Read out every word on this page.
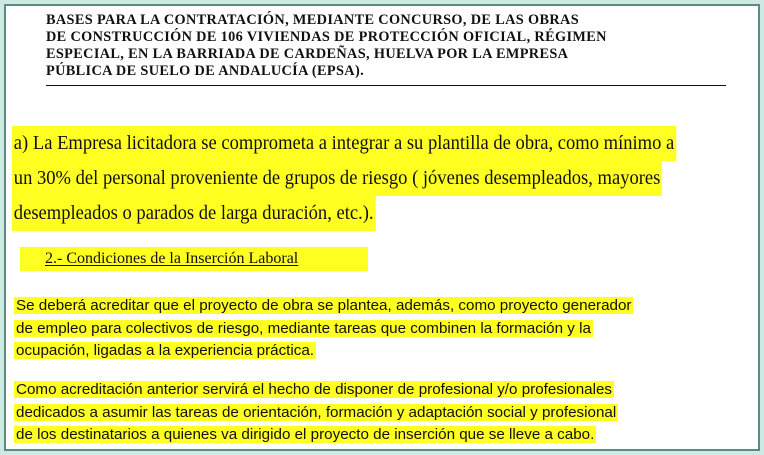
BASES PARA LA CONTRATACIÓN, MEDIANTE CONCURSO, DE LAS OBRAS
DE CONSTRUCCIÓN DE 106 VIVIENDAS DE PROTECCIÓN OFICIAL, RÉGIMEN
ESPECIAL, EN LA BARRIADA DE CARDEÑAS, HUELVA POR LA EMPRESA
PÚBLICA DE SUELO DE ANDALUCÍA (EPSA).
a) La Empresa licitadora se comprometa a integrar a su plantilla de obra, como mínimo a
un 30% del personal proveniente de grupos de riesgo ( jóvenes desempleados, mayores
desempleados o parados de larga duración, etc.).
2.- Condiciones de la Inserción Laboral
Se deberá acreditar que el proyecto de obra se plantea, además, como proyecto generador
de empleo para colectivos de riesgo, mediante tareas que combinen la formación y la
ocupación, ligadas a la experiencia práctica.
Como acreditación anterior servirá el hecho de disponer de profesional y/o profesionales
dedicados a asumir las tareas de orientación, formación y adaptación social y profesional
de los destinatarios a quienes va dirigido el proyecto de inserción que se lleve a cabo.
